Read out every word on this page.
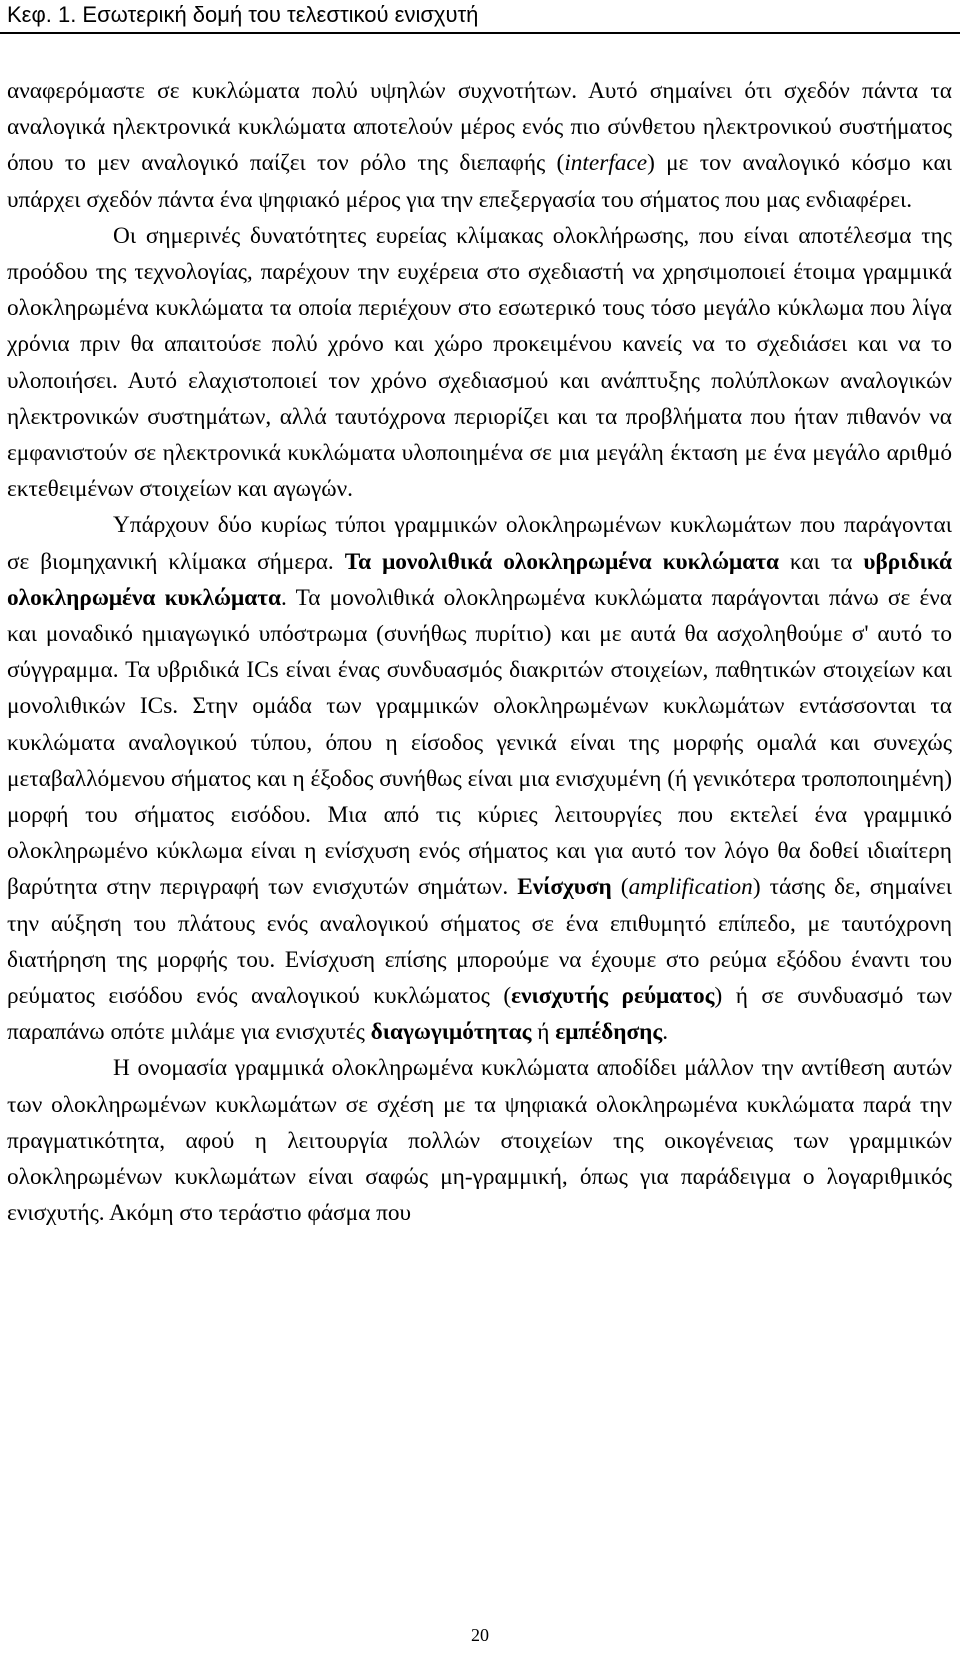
Κεφ. 1. Εσωτερική δομή του τελεστικού ενισχυτή

αναφερόμαστε σε κυκλώματα πολύ υψηλών συχνοτήτων. Αυτό σημαίνει ότι σχεδόν πάντα τα αναλογικά ηλεκτρονικά κυκλώματα αποτελούν μέρος ενός πιο σύνθετου ηλεκτρονικού συστήματος όπου το μεν αναλογικό παίζει τον ρόλο της διεπαφής (interface) με τον αναλογικό κόσμο και υπάρχει σχεδόν πάντα ένα ψηφιακό μέρος για την επεξεργασία του σήματος που μας ενδιαφέρει.

Οι σημερινές δυνατότητες ευρείας κλίμακας ολοκλήρωσης, που είναι αποτέλεσμα της προόδου της τεχνολογίας, παρέχουν την ευχέρεια στο σχεδιαστή να χρησιμοποιεί έτοιμα γραμμικά ολοκληρωμένα κυκλώματα τα οποία περιέχουν στο εσωτερικό τους τόσο μεγάλο κύκλωμα που λίγα χρόνια πριν θα απαιτούσε πολύ χρόνο και χώρο προκειμένου κανείς να το σχεδιάσει και να το υλοποιήσει. Αυτό ελαχιστοποιεί τον χρόνο σχεδιασμού και ανάπτυξης πολύπλοκων αναλογικών ηλεκτρονικών συστημάτων, αλλά ταυτόχρονα περιορίζει και τα προβλήματα που ήταν πιθανόν να εμφανιστούν σε ηλεκτρονικά κυκλώματα υλοποιημένα σε μια μεγάλη έκταση με ένα μεγάλο αριθμό εκτεθειμένων στοιχείων και αγωγών.

Υπάρχουν δύο κυρίως τύποι γραμμικών ολοκληρωμένων κυκλωμάτων που παράγονται σε βιομηχανική κλίμακα σήμερα. Τα μονολιθικά ολοκληρωμένα κυκλώματα και τα υβριδικά ολοκληρωμένα κυκλώματα. Τα μονολιθικά ολοκληρωμένα κυκλώματα παράγονται πάνω σε ένα και μοναδικό ημιαγωγικό υπόστρωμα (συνήθως πυρίτιο) και με αυτά θα ασχοληθούμε σ' αυτό το σύγγραμμα. Τα υβριδικά ICs είναι ένας συνδυασμός διακριτών στοιχείων, παθητικών στοιχείων και μονολιθικών ICs. Στην ομάδα των γραμμικών ολοκληρωμένων κυκλωμάτων εντάσσονται τα κυκλώματα αναλογικού τύπου, όπου η είσοδος γενικά είναι της μορφής ομαλά και συνεχώς μεταβαλλόμενου σήματος και η έξοδος συνήθως είναι μια ενισχυμένη (ή γενικότερα τροποποιημένη) μορφή του σήματος εισόδου. Μια από τις κύριες λειτουργίες που εκτελεί ένα γραμμικό ολοκληρωμένο κύκλωμα είναι η ενίσχυση ενός σήματος και για αυτό τον λόγο θα δοθεί ιδιαίτερη βαρύτητα στην περιγραφή των ενισχυτών σημάτων. Ενίσχυση (amplification) τάσης δε, σημαίνει την αύξηση του πλάτους ενός αναλογικού σήματος σε ένα επιθυμητό επίπεδο, με ταυτόχρονη διατήρηση της μορφής του. Ενίσχυση επίσης μπορούμε να έχουμε στο ρεύμα εξόδου έναντι του ρεύματος εισόδου ενός αναλογικού κυκλώματος (ενισχυτής ρεύματος) ή σε συνδυασμό των παραπάνω οπότε μιλάμε για ενισχυτές διαγωγιμότητας ή εμπέδησης.

Η ονομασία γραμμικά ολοκληρωμένα κυκλώματα αποδίδει μάλλον την αντίθεση αυτών των ολοκληρωμένων κυκλωμάτων σε σχέση με τα ψηφιακά ολοκληρωμένα κυκλώματα παρά την πραγματικότητα, αφού η λειτουργία πολλών στοιχείων της οικογένειας των γραμμικών ολοκληρωμένων κυκλωμάτων είναι σαφώς μη-γραμμική, όπως για παράδειγμα ο λογαριθμικός ενισχυτής. Ακόμη στο τεράστιο φάσμα που

20
